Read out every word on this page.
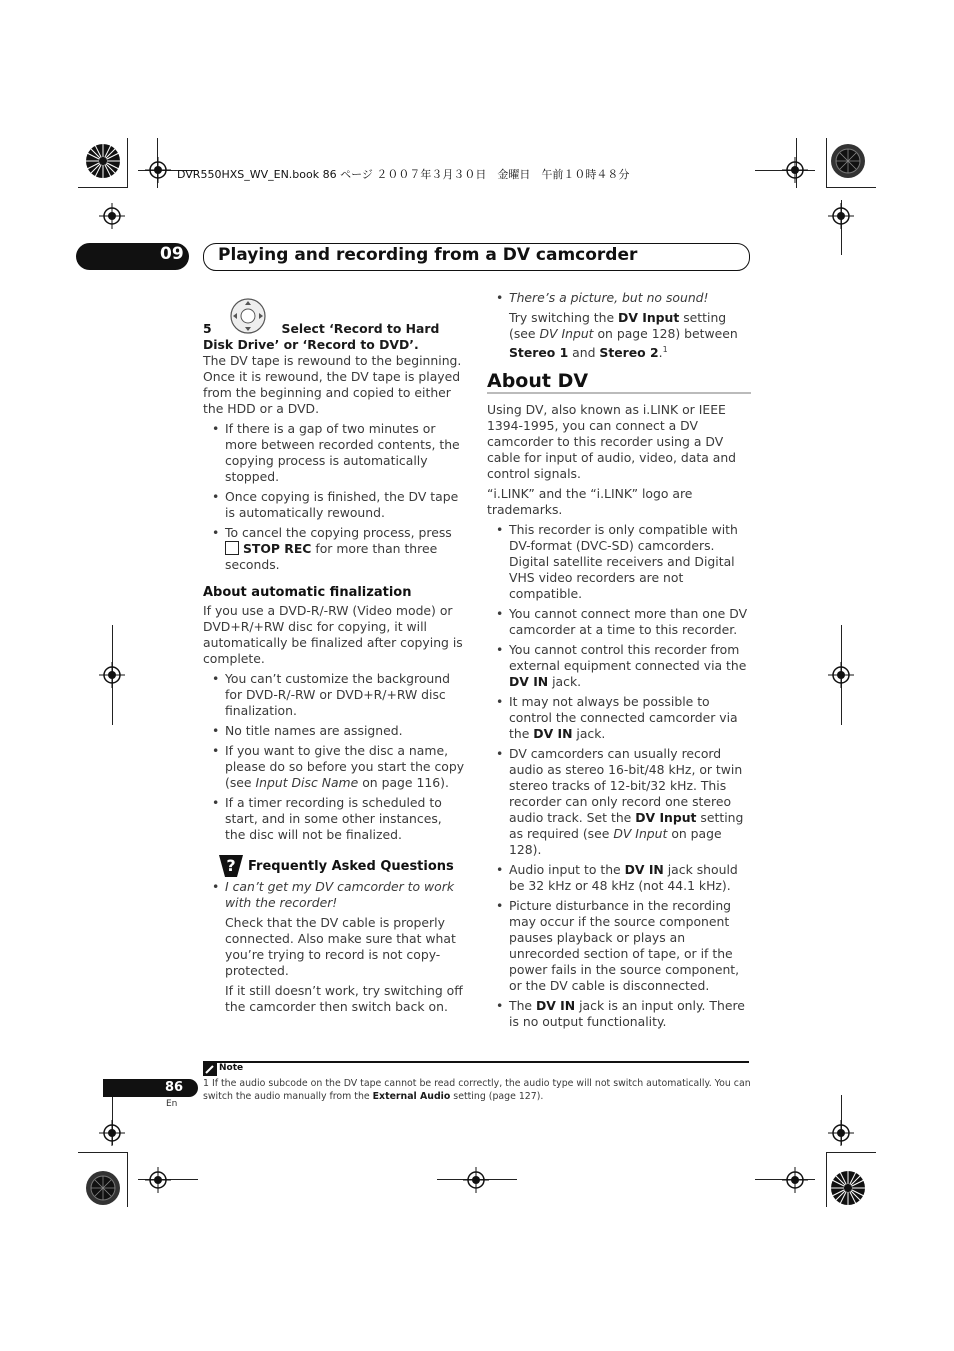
DVR550HXS_WV_EN.book 86 ページ ２００７年３月３０日　金曜日　午前１０時４８分
09 Playing and recording from a DV camcorder

5	Select ‘Record to Hard Disk Drive’ or ‘Record to DVD’.

The DV tape is rewound to the beginning. Once it is rewound, the DV tape is played from the beginning and copied to either the HDD or a DVD.

• If there is a gap of two minutes or more between recorded contents, the copying process is automatically stopped.
• Once copying is finished, the DV tape is automatically rewound.
• To cancel the copying process, press STOP REC for more than three seconds.
About automatic finalization

If you use a DVD-R/-RW (Video mode) or DVD+R/+RW disc for copying, it will automatically be finalized after copying is complete.

• You can’t customize the background for DVD-R/-RW or DVD+R/+RW disc finalization.
• No title names are assigned.
• If you want to give the disc a name, please do so before you start the copy (see Input Disc Name on page 116).
• If a timer recording is scheduled to start, and in some other instances, the disc will not be finalized.
? Frequently Asked Questions
• I can’t get my DV camcorder to work with the recorder!

Check that the DV cable is properly connected. Also make sure that what you’re trying to record is not copy-protected.

If it still doesn’t work, try switching off the camcorder then switch back on.

• There’s a picture, but no sound!

Try switching the DV Input setting (see DV Input on page 128) between Stereo 1 and Stereo 2.$^1$

About DV

Using DV, also known as i.LINK or IEEE 1394-1995, you can connect a DV camcorder to this recorder using a DV cable for input of audio, video, data and control signals.

“i.LINK” and the “i.LINK” logo are trademarks.

• This recorder is only compatible with DV-format (DVC-SD) camcorders. Digital satellite receivers and Digital VHS video recorders are not compatible.
• You cannot connect more than one DV camcorder at a time to this recorder.
• You cannot control this recorder from external equipment connected via the DV IN jack.
• It may not always be possible to control the connected camcorder via the DV IN jack.
• DV camcorders can usually record audio as stereo 16-bit/48 kHz, or twin stereo tracks of 12-bit/32 kHz. This recorder can only record one stereo audio track. Set the DV Input setting as required (see DV Input on page 128).
• Audio input to the DV IN jack should be 32 kHz or 48 kHz (not 44.1 kHz).
• Picture disturbance in the recording may occur if the source component pauses playback or plays an unrecorded section of tape, or if the power fails in the source component, or the DV cable is disconnected.
• The DV IN jack is an input only. There is no output functionality.
Note
1 If the audio subcode on the DV tape cannot be read correctly, the audio type will not switch automatically. You can switch the audio manually from the External Audio setting (page 127).
86
En
